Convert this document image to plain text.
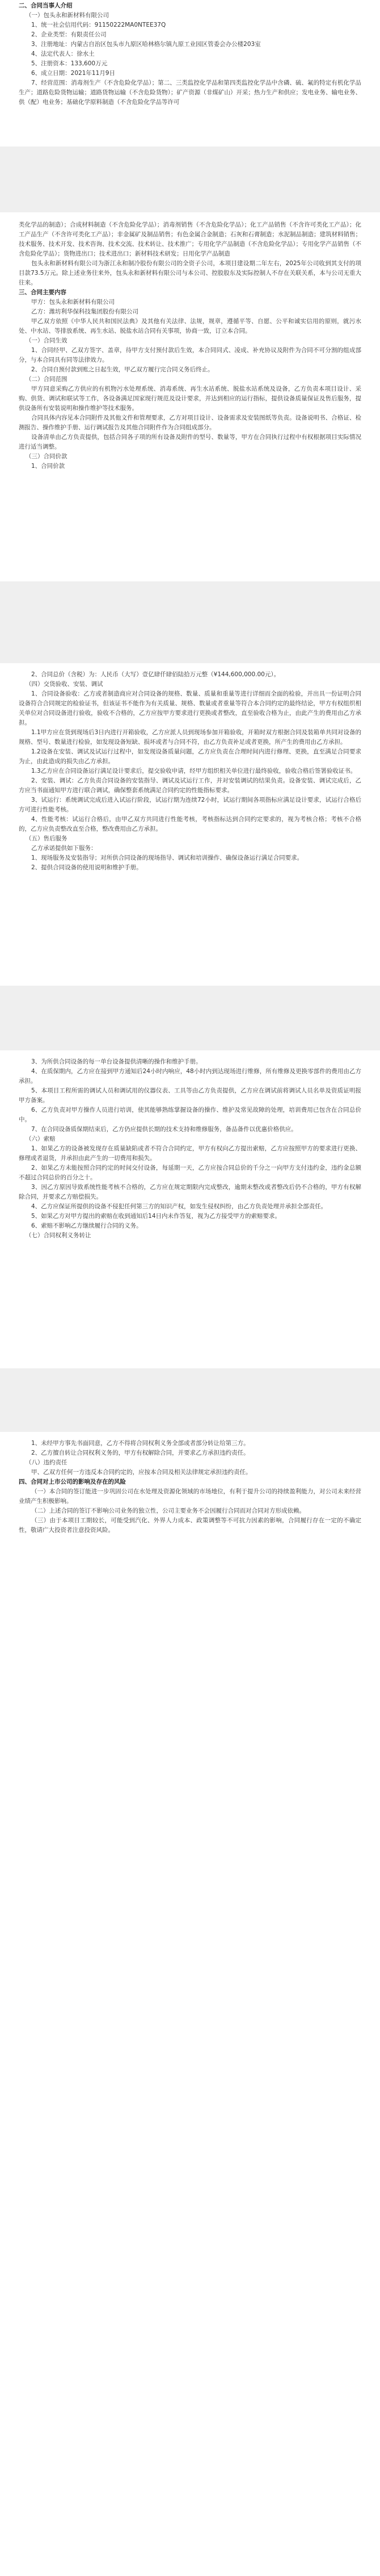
二、合同当事人介绍

（一）包头永和新材料有限公司

1、统一社会信用代码：91150222MA0NTEE37Q

2、企业类型：有限责任公司

3、注册地址：内蒙古自治区包头市九原区哈林格尔镇九原工业园区管委会办公楼203室

4、法定代表人：徐水土

5、注册资本：133,600万元

6、成立日期：2021年11月9日

7、经营范围：消毒剂生产（不含危险化学品）；第二、三类监控化学品和第四类监控化学品中含磷、硫、氟的特定有机化学品生产；道路危险货物运输；道路货物运输（不含危险货物）；矿产资源（非煤矿山）开采；热力生产和供应；发电业务、输电业务、供（配）电业务；基础化学原料制造（不含危险化学品等许可

类化学品的制造）；合成材料制造（不含危险化学品）；消毒剂销售（不含危险化学品）；化工产品销售（不含许可类化工产品）；化工产品生产（不含许可类化工产品）；非金属矿及制品销售；有色金属合金制造；石灰和石膏制造；水泥制品制造；建筑材料销售；技术服务、技术开发、技术咨询、技术交流、技术转让、技术推广；专用化学产品制造（不含危险化学品）；专用化学产品销售（不含危险化学品）；货物进出口；技术进出口；新材料技术研发；日用化学产品制造

包头永和新材料有限公司为浙江永和制冷股份有限公司的全资子公司，本项目建设期二年左右，2025年公司收到其支付的项目款73.5万元。除上述业务往来外，包头永和新材料有限公司与本公司、控股股东及实际控制人不存在关联关系，本与公司无重大往来。

三、合同主要内容

甲方：包头永和新材料有限公司

乙方：潍坊利华保科技集团股份有限公司

甲乙双方依照《中华人民共和国民法典》及其他有关法律、法规，规章，遵循平等、自愿、公平和诚实信用的原则，就污水处、中水站、等排放系统、再生水站、脱盐水站合同有关事项，协商一致，订立本合同。

（一）合同生效

1、合同经甲、乙双方签字、盖章，待甲方支付预付款后生效，本合同同式、凌成、补充协议及附件为合同不可分割的组成部分，与本合同具有同等法律效力。

2、合同自预付款到账之日起生效，甲乙双方履行完合同义务后终止。

（二）合同范围

甲方同意采购乙方供应的有机物污水处理系统、消毒系统、再生水站系统、脱盐水站系统及设备，乙方负责本项目设计、采购、供货、调试和联试等工作，各设备满足国家现行规范及设计要求，并达到相应的运行指标，提供设备质量保证及售后服务，提供设备所有安装说明和操作维护等技术服务。

合同具体内容见本合同附件及其他文件和管理要求，乙方对项目设计、设备需求及安装图纸等负责。设备说明书、合格证、检测报告、操作维护手册、运行调试报告及其他合同附件作为合同组成部分。

设备清单由乙方负责提供，包括合同各子项的所有设备及附件的型号、数量等，甲方在合同执行过程中有权根据项目实际情况进行适当调整。

（三）合同价款

1、合同价款

2、合同总价（含税）为：人民币（大写）壹亿肆仟肆佰陆拾万元整（¥144,600,000.00元）。

（四）交货验收、安装、调试

1、合同设备验收：乙方或者制造商应对合同设备的规格、数量、质量和重量等进行详细而全面的检验，并出具一份证明合同设备符合合同规定的检验证书，但该证书不能作为有关质量、规格、数量或者重量等符合本合同约定的最终结论，甲方有权组织相关单位对合同设备进行验收，验收不合格的，乙方应按甲方要求进行更换或者整改，直至验收合格为止，由此产生的费用由乙方承担。

1.1甲方应在货到现场后3日内进行开箱验收，乙方应派人员到现场参加开箱验收，开箱时双方根据合同及装箱单共同对设备的规格、型号、数量进行检验，如发现设备短缺、损坏或者与合同不符，由乙方负责补足或者更换，所产生的费用由乙方承担。

1.2设备在安装、调试及试运行过程中，如发现设备质量问题，乙方应负责在合理时间内进行修理、更换，直至满足合同要求为止，由此造成的损失由乙方承担。

1.3乙方应在合同设备运行满足设计要求后，提交验收申请，经甲方组织相关单位进行最终验收，验收合格后签署验收证书。

2、安装、调试：乙方负责合同设备的安装指导、调试及试运行工作，并对安装调试的结果负责。设备安装、调试完成后，乙方应当书面通知甲方进行联合调试，确保整套系统满足合同约定的性能指标要求。

3、试运行：系统调试完成后进入试运行阶段，试运行期为连续72小时，试运行期间各项指标应满足设计要求，试运行合格后方可进行性能考核。

4、性能考核：试运行合格后，由甲乙双方共同进行性能考核，考核指标达到合同约定要求的，视为考核合格；考核不合格的，乙方应负责整改直至合格，整改费用由乙方承担。

（五）售后服务

乙方承诺提供如下服务：

1、现场服务及安装指导；对所供合同设备的现场指导、调试和培训操作、确保设备运行满足合同要求。

2、提供合同设备的使用说明和维护手册。

3、为所供合同设备的每一单台设备提供清晰的操作和维护手册。

4、在质保期内，乙方应在接到甲方通知后24小时内响应，48小时内到达现场进行维修，所有维修及更换零部件的费用由乙方承担。

5、本项目工程所需的调试人员和调试用的仪器仪表、工具等由乙方负责提供，乙方应在调试前将调试人员名单及资质证明报甲方备案。

6、乙方负责对甲方操作人员进行培训，使其能够熟练掌握设备的操作、维护及常见故障的处理，培训费用已包含在合同总价中。

7、在合同设备质保期结束后，乙方仍应提供长期的技术支持和维修服务，备品备件以优惠价格供应。

（六）索赔

1、如果乙方的设备被发现存在质量缺陷或者不符合合同约定，甲方有权向乙方提出索赔，乙方应按照甲方的要求进行更换、修理或者退货，并承担由此产生的一切费用和损失。

2、如果乙方未能按照合同约定的时间交付设备，每延期一天，乙方应按合同总价的千分之一向甲方支付违约金，违约金总额不超过合同总价的百分之十。

3、因乙方原因导致系统性能考核不合格的，乙方应在规定期限内完成整改，逾期未整改或者整改后仍不合格的，甲方有权解除合同，并要求乙方赔偿损失。

4、乙方应保证所提供的设备不侵犯任何第三方的知识产权，如发生侵权纠纷，由乙方负责处理并承担全部责任。

5、如果乙方对甲方提出的索赔在收到通知后14日内未作答复，视为乙方接受甲方的索赔要求。

6、索赔不影响乙方继续履行合同的义务。

（七）合同权利义务转让

1、未经甲方事先书面同意，乙方不得将合同权利义务全部或者部分转让给第三方。

2、乙方擅自转让合同权利义务的，甲方有权解除合同，并要求乙方承担违约责任。

（八）违约责任

甲、乙双方任何一方违反本合同约定的，应按本合同及相关法律规定承担违约责任。

四、合同对上市公司的影响及存在的风险

（一）本合同的签订能进一步巩固公司在水处理及资源化领域的市场地位，有利于提升公司的持续盈利能力，对公司未来经营业绩产生积极影响。

（二）上述合同的签订不影响公司业务的独立性，公司主要业务不会因履行合同而对合同对方形成依赖。

（三）由于本项目工期较长，可能受到汽化、外界人力成本、政策调整等不可抗力因素的影响，合同履行存在一定的不确定性，敬请广大投资者注意投资风险。
